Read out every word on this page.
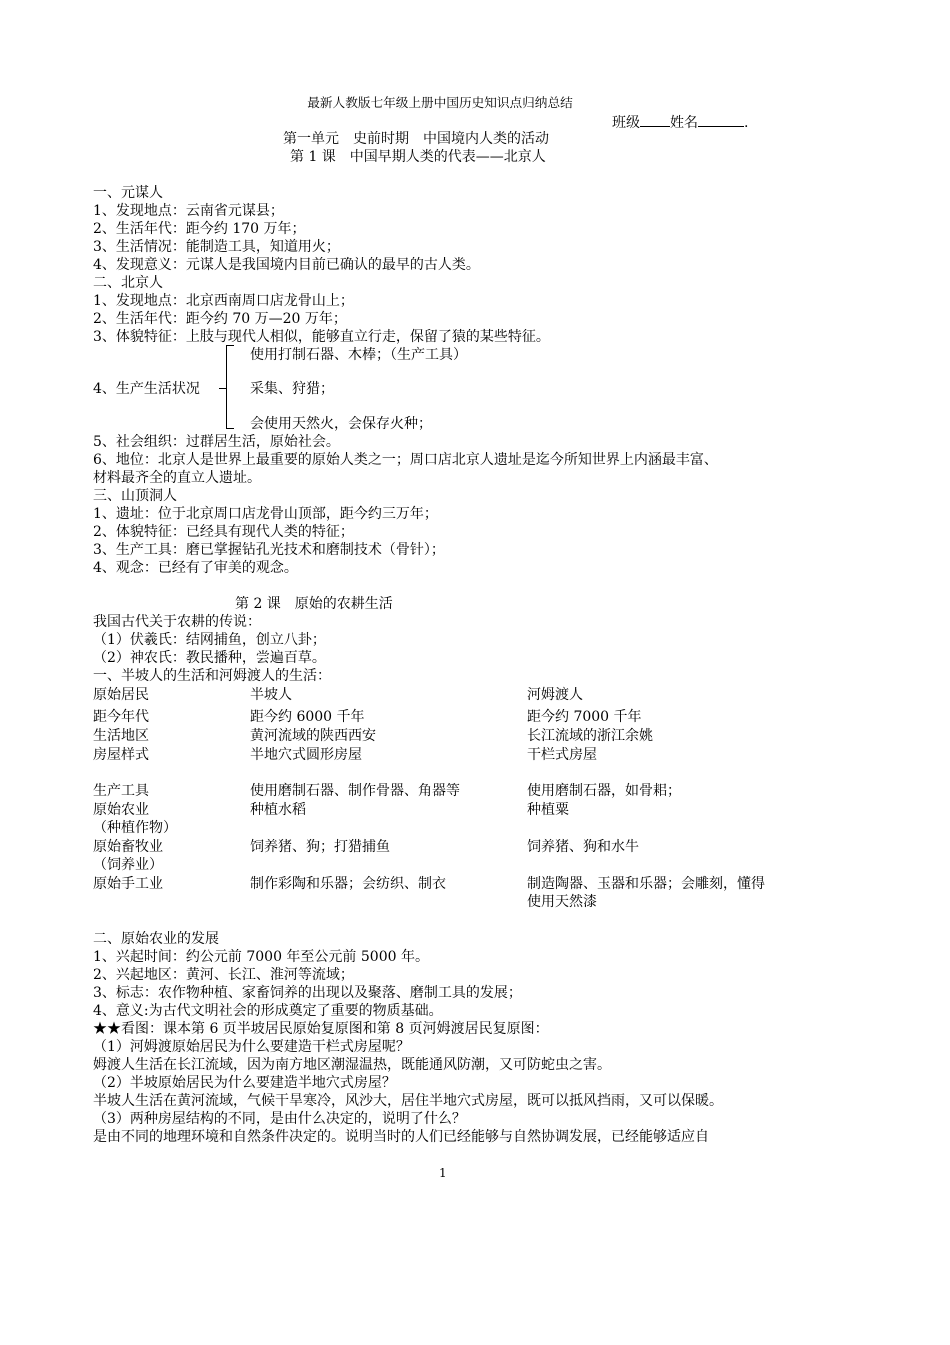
最新人教版七年级上册中国历史知识点归纳总结
班级 姓名	.
第一单元　史前时期　中国境内人类的活动
第 1 课　中国早期人类的代表——北京人
一、元谋人
1、发现地点：云南省元谋县；
2、生活年代：距今约 170 万年；
3、生活情况：能制造工具，知道用火；
4、发现意义：元谋人是我国境内目前已确认的最早的古人类。
二、北京人
1、发现地点：北京西南周口店龙骨山上；
2、生活年代：距今约 70 万—20 万年；
3、体貌特征：上肢与现代人相似，能够直立行走，保留了猿的某些特征。
使用打制石器、木棒；（生产工具）
4、生产生活状况	采集、狩猎；
会使用天然火，会保存火种；
5、社会组织：过群居生活，原始社会。
6、地位：北京人是世界上最重要的原始人类之一；周口店北京人遗址是迄今所知世界上内涵最丰富、
材料最齐全的直立人遗址。
三、山顶洞人
1、遗址：位于北京周口店龙骨山顶部，距今约三万年；
2、体貌特征：已经具有现代人类的特征；
3、生产工具：磨已掌握钻孔光技术和磨制技术（骨针）；
4、观念：已经有了审美的观念。
第 2 课　原始的农耕生活
我国古代关于农耕的传说：
（1）伏羲氏：结网捕鱼，创立八卦；
（2）神农氏：教民播种，尝遍百草。
一、半坡人的生活和河姆渡人的生活：
原始居民	半坡人	河姆渡人
距今年代	距今约 6000 千年	距今约 7000 千年
生活地区	黄河流域的陕西西安	长江流域的浙江余姚
房屋样式	半地穴式圆形房屋	干栏式房屋
生产工具	使用磨制石器、制作骨器、角器等	使用磨制石器，如骨耜；
原始农业	种植水稻	种植粟
（种植作物）
原始畜牧业	饲养猪、狗；打猎捕鱼	饲养猪、狗和水牛
（饲养业）
原始手工业	制作彩陶和乐器；会纺织、制衣	制造陶器、玉器和乐器；会雕刻，懂得
使用天然漆
二、原始农业的发展
1、兴起时间：约公元前 7000 年至公元前 5000 年。
2、兴起地区：黄河、长江、淮河等流域；
3、标志：农作物种植、家畜饲养的出现以及聚落、磨制工具的发展；
4、意义:为古代文明社会的形成奠定了重要的物质基础。
★★看图：课本第 6 页半坡居民原始复原图和第 8 页河姆渡居民复原图：
（1）河姆渡原始居民为什么要建造干栏式房屋呢？
姆渡人生活在长江流域，因为南方地区潮湿温热，既能通风防潮，又可防蛇虫之害。
（2）半坡原始居民为什么要建造半地穴式房屋？
半坡人生活在黄河流域，气候干旱寒冷，风沙大，居住半地穴式房屋，既可以抵风挡雨，又可以保暖。
（3）两种房屋结构的不同，是由什么决定的，说明了什么？
是由不同的地理环境和自然条件决定的。说明当时的人们已经能够与自然协调发展，已经能够适应自
1
